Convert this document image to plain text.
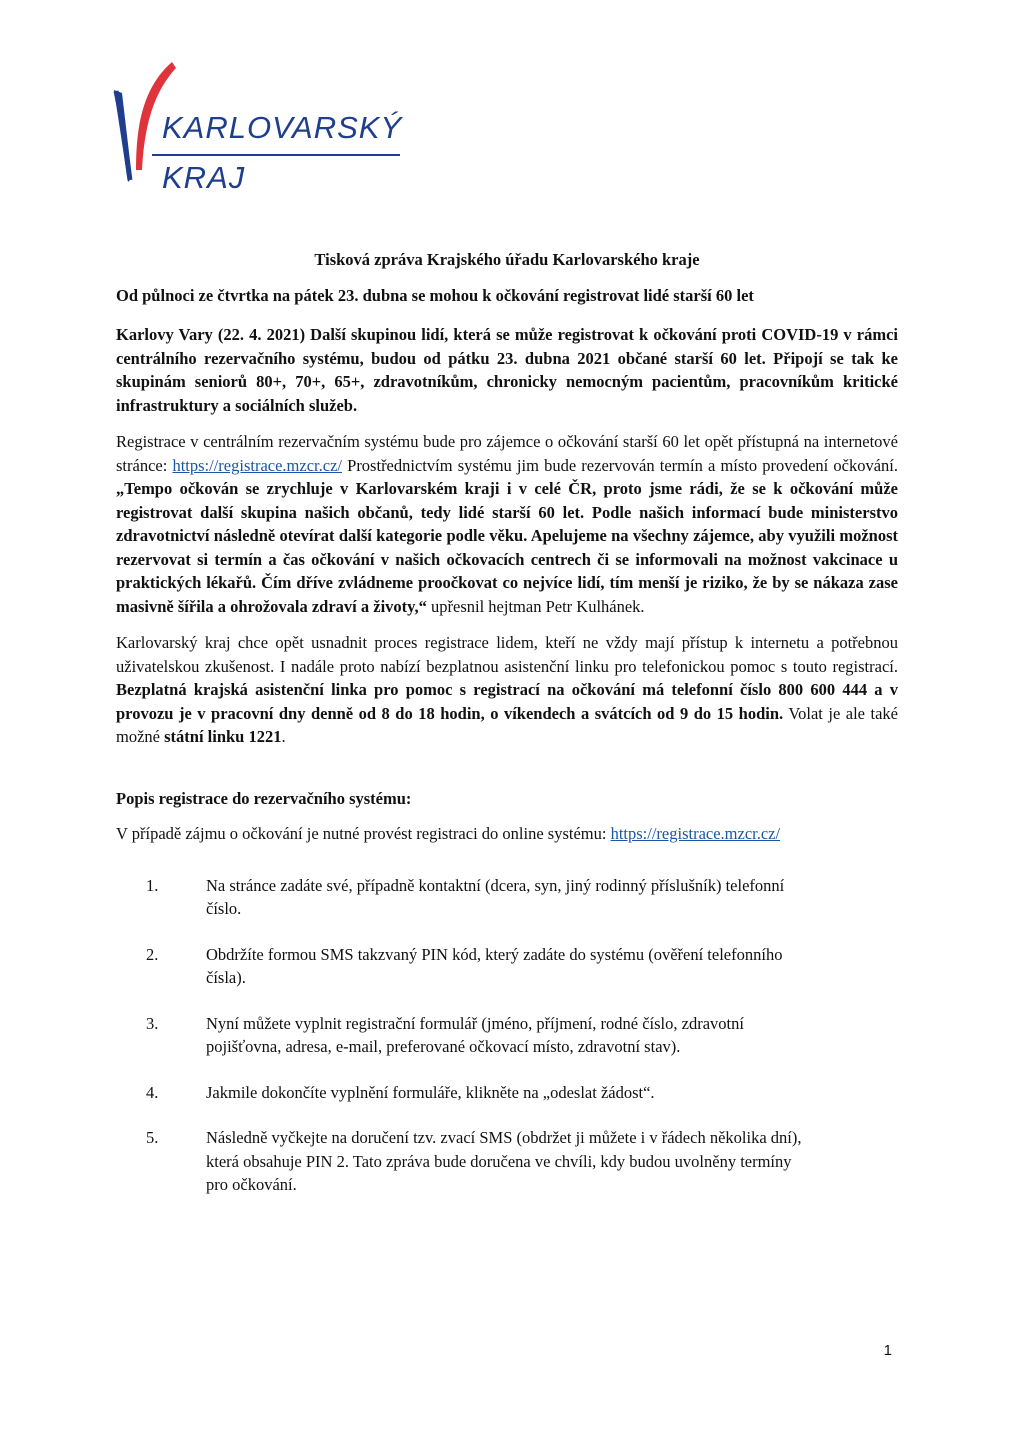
KARLOVARSKÝ
KRAJ
Tisková zpráva Krajského úřadu Karlovarského kraje
Od půlnoci ze čtvrtka na pátek 23. dubna se mohou k očkování registrovat lidé starší 60 let

Karlovy Vary (22. 4. 2021) Další skupinou lidí, která se může registrovat k očkování proti COVID-19 v rámci centrálního rezervačního systému, budou od pátku 23. dubna 2021 občané starší 60 let. Připojí se tak ke skupinám seniorů 80+, 70+, 65+, zdravotníkům, chronicky nemocným pacientům, pracovníkům kritické infrastruktury a sociálních služeb.

Registrace v centrálním rezervačním systému bude pro zájemce o očkování starší 60 let opět přístupná na internetové stránce: https://registrace.mzcr.cz/ Prostřednictvím systému jim bude rezervován termín a místo provedení očkování. „Tempo očkován se zrychluje v Karlovarském kraji i v celé ČR, proto jsme rádi, že se k očkování může registrovat další skupina našich občanů, tedy lidé starší 60 let. Podle našich informací bude ministerstvo zdravotnictví následně otevírat další kategorie podle věku. Apelujeme na všechny zájemce, aby využili možnost rezervovat si termín a čas očkování v našich očkovacích centrech či se informovali na možnost vakcinace u praktických lékařů. Čím dříve zvládneme proočkovat co nejvíce lidí, tím menší je riziko, že by se nákaza zase masivně šířila a ohrožovala zdraví a životy,“ upřesnil hejtman Petr Kulhánek.

Karlovarský kraj chce opět usnadnit proces registrace lidem, kteří ne vždy mají přístup k internetu a potřebnou uživatelskou zkušenost. I nadále proto nabízí bezplatnou asistenční linku pro telefonickou pomoc s touto registrací. Bezplatná krajská asistenční linka pro pomoc s registrací na očkování má telefonní číslo 800 600 444 a v provozu je v pracovní dny denně od 8 do 18 hodin, o víkendech a svátcích od 9 do 15 hodin. Volat je ale také možné státní linku 1221.

Popis registrace do rezervačního systému:
V případě zájmu o očkování je nutné provést registraci do online systému: https://registrace.mzcr.cz/
1.	Na stránce zadáte své, případně kontaktní (dcera, syn, jiný rodinný příslušník) telefonní číslo.
2.	Obdržíte formou SMS takzvaný PIN kód, který zadáte do systému (ověření telefonního čísla).
3.	Nyní můžete vyplnit registrační formulář (jméno, příjmení, rodné číslo, zdravotní pojišťovna, adresa, e-mail, preferované očkovací místo, zdravotní stav).
4.	Jakmile dokončíte vyplnění formuláře, klikněte na „odeslat žádost“.
5.	Následně vyčkejte na doručení tzv. zvací SMS (obdržet ji můžete i v řádech několika dní), která obsahuje PIN 2. Tato zpráva bude doručena ve chvíli, kdy budou uvolněny termíny pro očkování.
1
